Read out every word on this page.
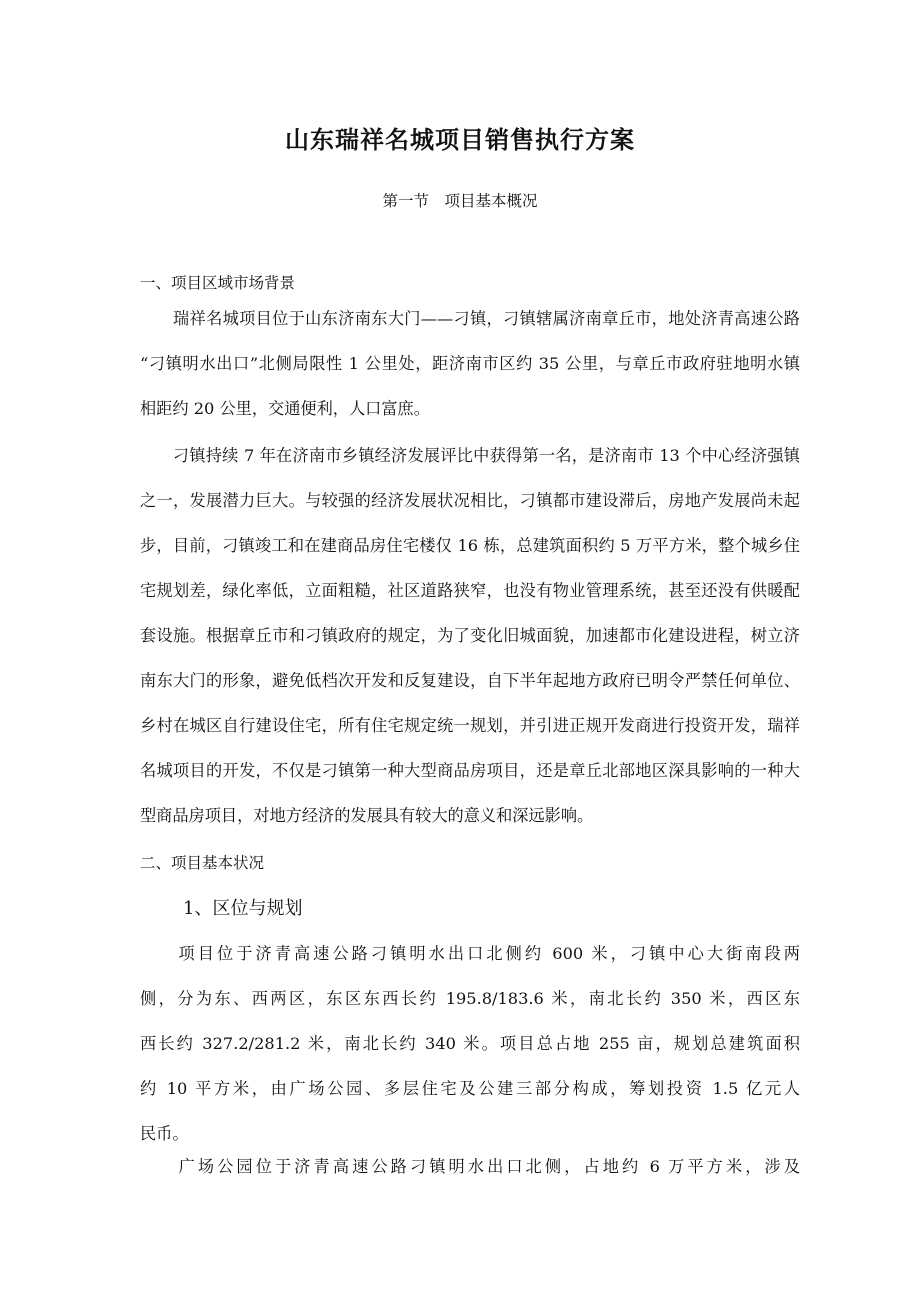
山东瑞祥名城项目销售执行方案
第一节　项目基本概况
一、项目区域市场背景
　　瑞祥名城项目位于山东济南东大门——刁镇，刁镇辖属济南章丘市，地处济青高速公路
“刁镇明水出口”北侧局限性 1 公里处，距济南市区约 35 公里，与章丘市政府驻地明水镇
相距约 20 公里，交通便利，人口富庶。
　　刁镇持续 7 年在济南市乡镇经济发展评比中获得第一名，是济南市 13 个中心经济强镇
之一，发展潜力巨大。与较强的经济发展状况相比，刁镇都市建设滞后，房地产发展尚未起
步，目前，刁镇竣工和在建商品房住宅楼仅 16 栋，总建筑面积约 5 万平方米，整个城乡住
宅规划差，绿化率低，立面粗糙，社区道路狭窄，也没有物业管理系统，甚至还没有供暖配
套设施。根据章丘市和刁镇政府的规定，为了变化旧城面貌，加速都市化建设进程，树立济
南东大门的形象，避免低档次开发和反复建设，自下半年起地方政府已明令严禁任何单位、
乡村在城区自行建设住宅，所有住宅规定统一规划，并引进正规开发商进行投资开发，瑞祥
名城项目的开发，不仅是刁镇第一种大型商品房项目，还是章丘北部地区深具影响的一种大
型商品房项目，对地方经济的发展具有较大的意义和深远影响。
二、项目基本状况
1、区位与规划
　　项目位于济青高速公路刁镇明水出口北侧约 600 米，刁镇中心大街南段两
侧，分为东、西两区，东区东西长约 195.8/183.6 米，南北长约 350 米，西区东
西长约 327.2/281.2 米，南北长约 340 米。项目总占地 255 亩，规划总建筑面积
约 10 平方米，由广场公园、多层住宅及公建三部分构成，筹划投资 1.5 亿元人
民币。
　　广场公园位于济青高速公路刁镇明水出口北侧，占地约 6 万平方米，涉及
